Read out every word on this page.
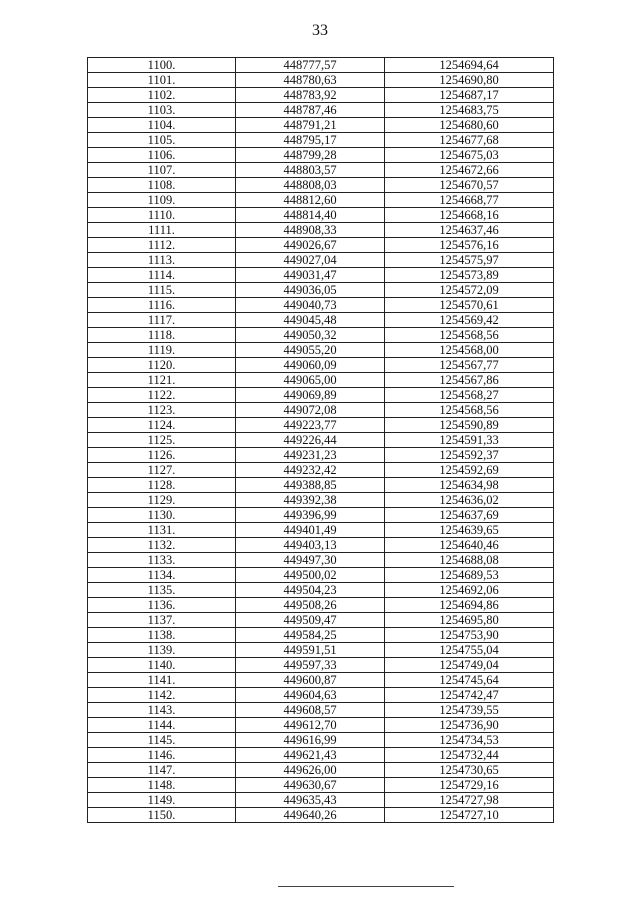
33
1100.	448777,57	1254694,64
1101.	448780,63	1254690,80
1102.	448783,92	1254687,17
1103.	448787,46	1254683,75
1104.	448791,21	1254680,60
1105.	448795,17	1254677,68
1106.	448799,28	1254675,03
1107.	448803,57	1254672,66
1108.	448808,03	1254670,57
1109.	448812,60	1254668,77
1110.	448814,40	1254668,16
1111.	448908,33	1254637,46
1112.	449026,67	1254576,16
1113.	449027,04	1254575,97
1114.	449031,47	1254573,89
1115.	449036,05	1254572,09
1116.	449040,73	1254570,61
1117.	449045,48	1254569,42
1118.	449050,32	1254568,56
1119.	449055,20	1254568,00
1120.	449060,09	1254567,77
1121.	449065,00	1254567,86
1122.	449069,89	1254568,27
1123.	449072,08	1254568,56
1124.	449223,77	1254590,89
1125.	449226,44	1254591,33
1126.	449231,23	1254592,37
1127.	449232,42	1254592,69
1128.	449388,85	1254634,98
1129.	449392,38	1254636,02
1130.	449396,99	1254637,69
1131.	449401,49	1254639,65
1132.	449403,13	1254640,46
1133.	449497,30	1254688,08
1134.	449500,02	1254689,53
1135.	449504,23	1254692,06
1136.	449508,26	1254694,86
1137.	449509,47	1254695,80
1138.	449584,25	1254753,90
1139.	449591,51	1254755,04
1140.	449597,33	1254749,04
1141.	449600,87	1254745,64
1142.	449604,63	1254742,47
1143.	449608,57	1254739,55
1144.	449612,70	1254736,90
1145.	449616,99	1254734,53
1146.	449621,43	1254732,44
1147.	449626,00	1254730,65
1148.	449630,67	1254729,16
1149.	449635,43	1254727,98
1150.	449640,26	1254727,10
